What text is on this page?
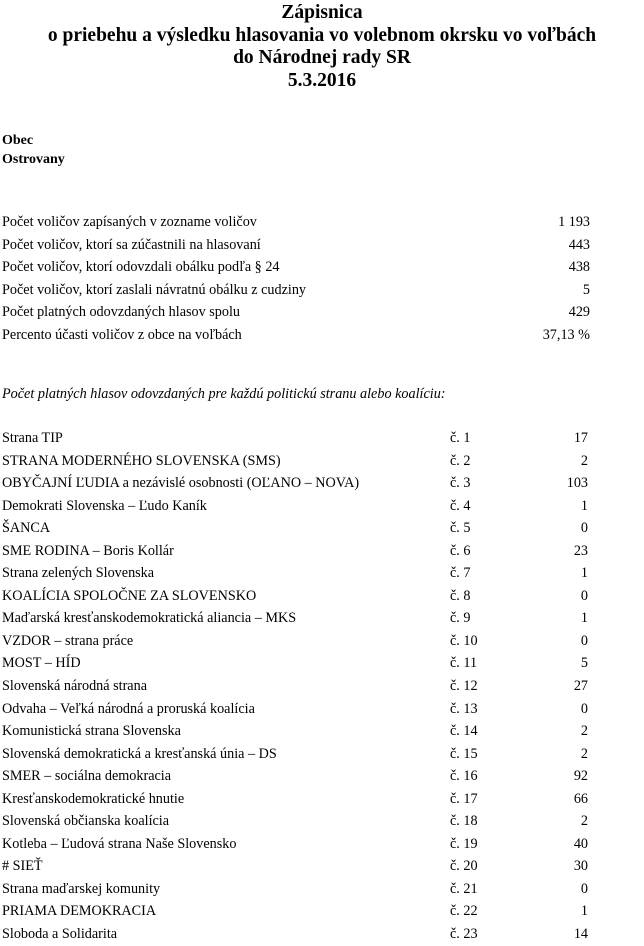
Zápisnica
o priebehu a výsledku hlasovania vo volebnom okrsku vo voľbách
do Národnej rady SR
5.3.2016
Obec
Ostrovany
Počet voličov zapísaných v zozname voličov	1 193
Počet voličov, ktorí sa zúčastnili na hlasovaní	443
Počet voličov, ktorí odovzdali obálku podľa § 24	438
Počet voličov, ktorí zaslali návratnú obálku z cudziny	5
Počet platných odovzdaných hlasov spolu	429
Percento účasti voličov z obce na voľbách	37,13 %
Počet platných hlasov odovzdaných pre každú politickú stranu alebo koalíciu:
Strana TIP	č. 1	17
STRANA MODERNÉHO SLOVENSKA (SMS)	č. 2	2
OBYČAJNÍ ĽUDIA a nezávislé osobnosti (OĽANO – NOVA)	č. 3	103
Demokrati Slovenska – Ľudo Kaník	č. 4	1
ŠANCA	č. 5	0
SME RODINA – Boris Kollár	č. 6	23
Strana zelených Slovenska	č. 7	1
KOALÍCIA SPOLOČNE ZA SLOVENSKO	č. 8	0
Maďarská kresťanskodemokratická aliancia – MKS	č. 9	1
VZDOR – strana práce	č. 10	0
MOST – HÍD	č. 11	5
Slovenská národná strana	č. 12	27
Odvaha – Veľká národná a proruská koalícia	č. 13	0
Komunistická strana Slovenska	č. 14	2
Slovenská demokratická a kresťanská únia – DS	č. 15	2
SMER – sociálna demokracia	č. 16	92
Kresťanskodemokratické hnutie	č. 17	66
Slovenská občianska koalícia	č. 18	2
Kotleba – Ľudová strana Naše Slovensko	č. 19	40
# SIEŤ	č. 20	30
Strana maďarskej komunity	č. 21	0
PRIAMA DEMOKRACIA	č. 22	1
Sloboda a Solidarita	č. 23	14
